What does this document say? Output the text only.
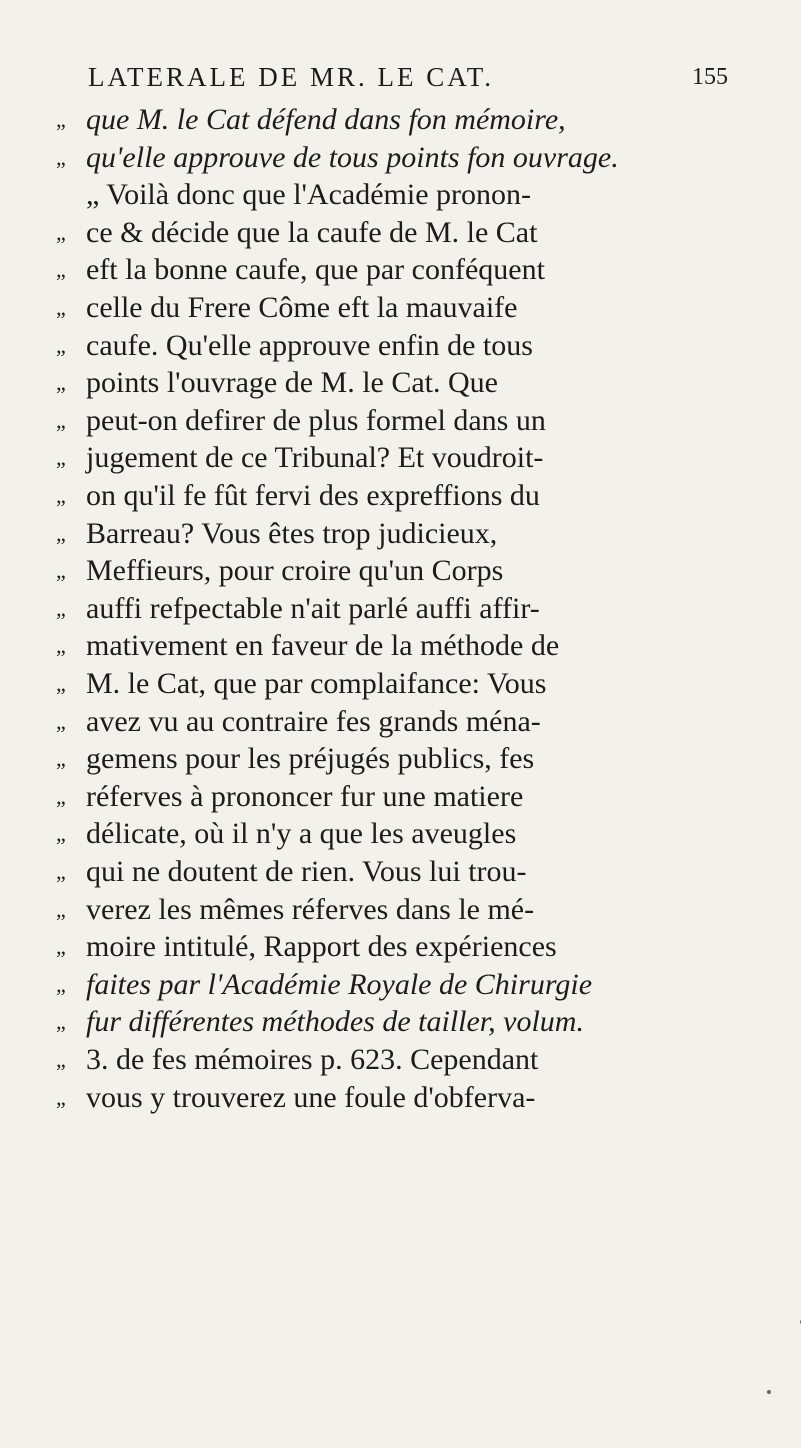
LATERALE DE MR. LE CAT.	155
„ que M. le Cat défend dans fon mémoire,
„ qu'elle approuve de tous points fon ouvrage.
„ Voilà donc que l'Académie pronon-
„ ce & décide que la caufe de M. le Cat
„ eft la bonne caufe, que par conféquent
„ celle du Frere Côme eft la mauvaife
„ caufe. Qu'elle approuve enfin de tous
„ points l'ouvrage de M. le Cat. Que
„ peut-on defirer de plus formel dans un
„ jugement de ce Tribunal? Et voudroit-
„ on qu'il fe fût fervi des expreffions du
„ Barreau? Vous êtes trop judicieux,
„ Meffieurs, pour croire qu'un Corps
„ auffi refpectable n'ait parlé auffi affir-
„ mativement en faveur de la méthode de
„ M. le Cat, que par complaifance: Vous
„ avez vu au contraire fes grands ména-
„ gemens pour les préjugés publics, fes
„ réferves à prononcer fur une matiere
„ délicate, où il n'y a que les aveugles
„ qui ne doutent de rien. Vous lui trou-
„ verez les mêmes réferves dans le mé-
„ moire intitulé, Rapport des expériences
„ faites par l'Académie Royale de Chirurgie
„ fur différentes méthodes de tailler, volum.
„ 3. de fes mémoires p. 623. Cependant
„ vous y trouverez une foule d'obferva-
